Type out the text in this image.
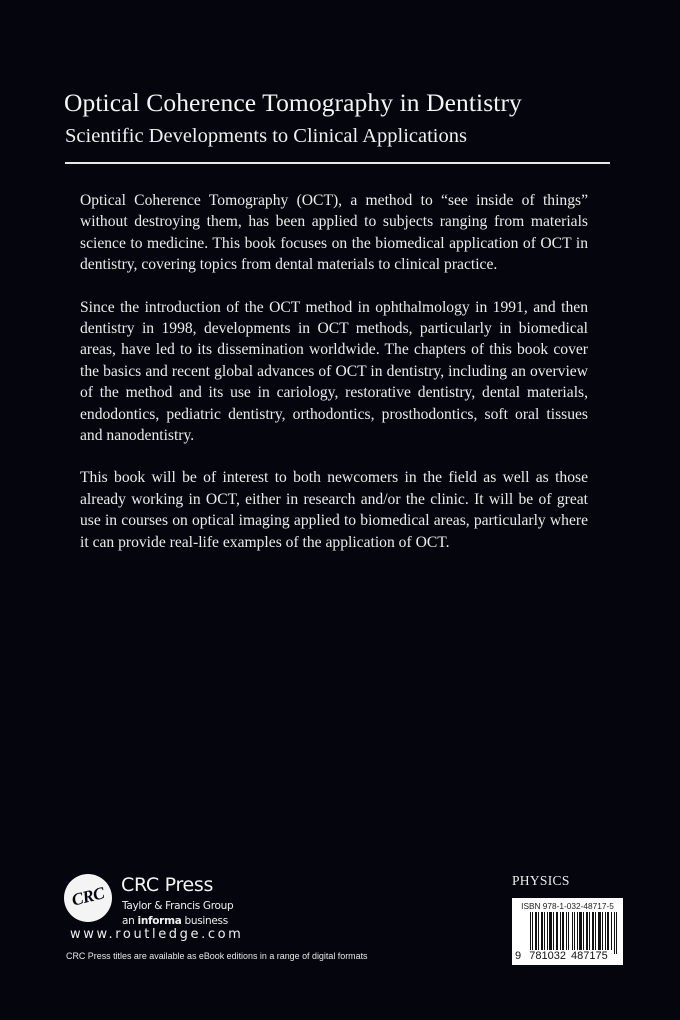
Optical Coherence Tomography in Dentistry
Scientific Developments to Clinical Applications

Optical Coherence Tomography (OCT), a method to “see inside of things” without destroying them, has been applied to subjects ranging from materials science to medicine. This book focuses on the biomedical application of OCT in dentistry, covering topics from dental materials to clinical practice.

Since the introduction of the OCT method in ophthalmology in 1991, and then dentistry in 1998, developments in OCT methods, particularly in biomedical areas, have led to its dissemination worldwide. The chapters of this book cover the basics and recent global advances of OCT in dentistry, including an overview of the method and its use in cariology, restorative dentistry, dental materials, endodontics, pediatric dentistry, orthodontics, prosthodontics, soft oral tissues and nanodentistry.

This book will be of interest to both newcomers in the field as well as those already working in OCT, either in research and/or the clinic. It will be of great use in courses on optical imaging applied to biomedical areas, particularly where it can provide real-life examples of the application of OCT.

CRC CRC Press
Taylor & Francis Group
an informa business
www.routledge.com
CRC Press titles are available as eBook editions in a range of digital formats
PHYSICS
ISBN 978-1-032-48717-5
9 781032 487175
